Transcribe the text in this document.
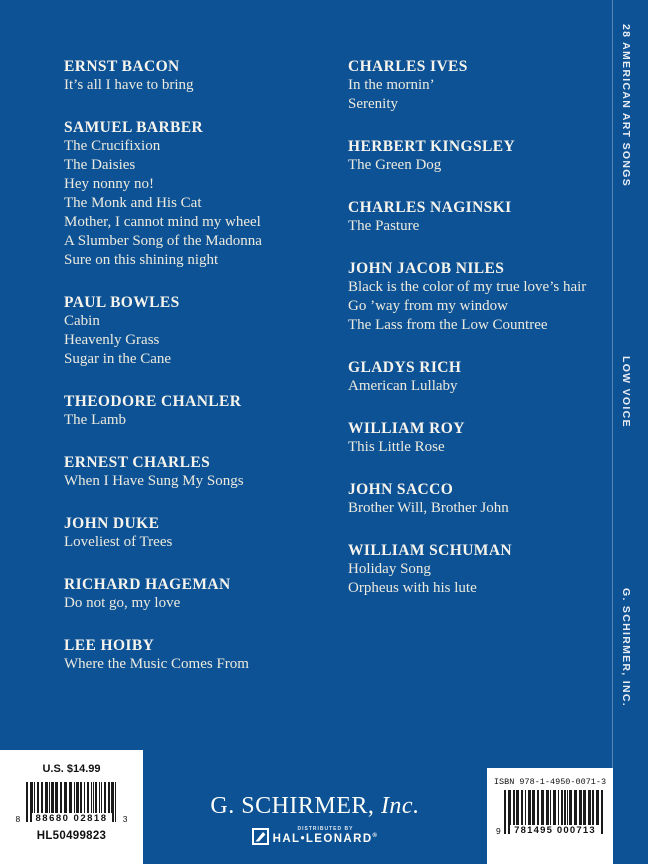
ERNST BACON
It’s all I have to bring
SAMUEL BARBER
The Crucifixion
The Daisies
Hey nonny no!
The Monk and His Cat
Mother, I cannot mind my wheel
A Slumber Song of the Madonna
Sure on this shining night
PAUL BOWLES
Cabin
Heavenly Grass
Sugar in the Cane
THEODORE CHANLER
The Lamb
ERNEST CHARLES
When I Have Sung My Songs
JOHN DUKE
Loveliest of Trees
RICHARD HAGEMAN
Do not go, my love
LEE HOIBY
Where the Music Comes From
CHARLES IVES
In the mornin’
Serenity
HERBERT KINGSLEY
The Green Dog
CHARLES NAGINSKI
The Pasture
JOHN JACOB NILES
Black is the color of my true love’s hair
Go ’way from my window
The Lass from the Low Countree
GLADYS RICH
American Lullaby
WILLIAM ROY
This Little Rose
JOHN SACCO
Brother Will, Brother John
WILLIAM SCHUMAN
Holiday Song
Orpheus with his lute
28 AMERICAN ART SONGS
LOW VOICE
G. SCHIRMER, INC.
U.S. $14.99
8	88680 02818	3
HL50499823
G. SCHIRMER, Inc.
DISTRIBUTED BY
HAL•LEONARD®
ISBN 978-1-4950-0071-3
9	781495 000713
